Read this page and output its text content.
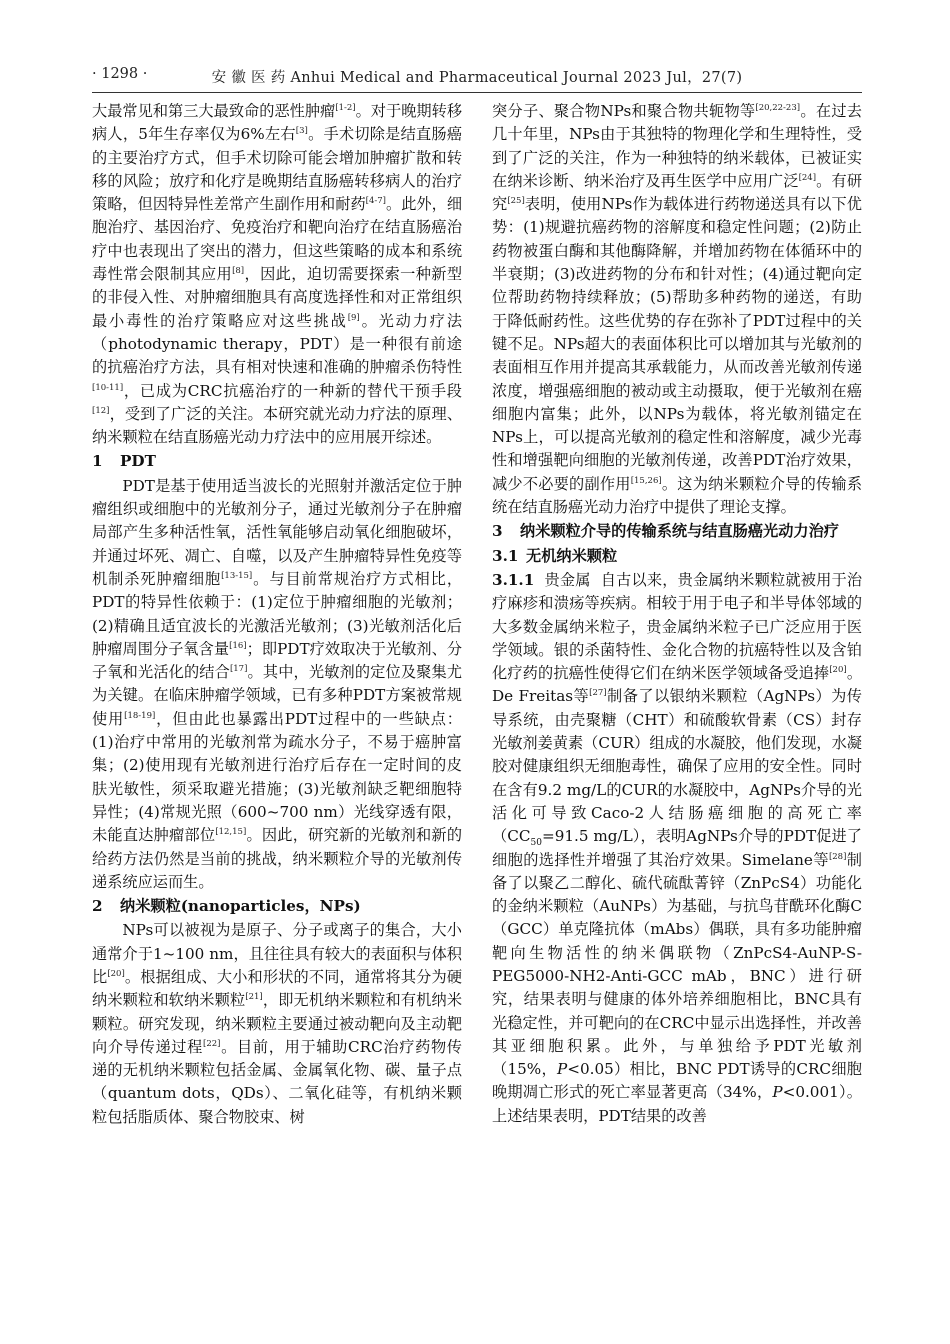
· 1298 ·	安 徽 医 药 Anhui Medical and Pharmaceutical Journal 2023 Jul，27(7)

大最常见和第三大最致命的恶性肿瘤[1-2]。对于晚期转移病人，5年生存率仅为6%左右[3]。手术切除是结直肠癌的主要治疗方式，但手术切除可能会增加肿瘤扩散和转移的风险；放疗和化疗是晚期结直肠癌转移病人的治疗策略，但因特异性差常产生副作用和耐药[4-7]。此外，细胞治疗、基因治疗、免疫治疗和靶向治疗在结直肠癌治疗中也表现出了突出的潜力，但这些策略的成本和系统毒性常会限制其应用[8]，因此，迫切需要探索一种新型的非侵入性、对肿瘤细胞具有高度选择性和对正常组织最小毒性的治疗策略应对这些挑战[9]。光动力疗法（photodynamic therapy，PDT）是一种很有前途的抗癌治疗方法，具有相对快速和准确的肿瘤杀伤特性[10-11]，已成为CRC抗癌治疗的一种新的替代干预手段[12]，受到了广泛的关注。本研究就光动力疗法的原理、纳米颗粒在结直肠癌光动力疗法中的应用展开综述。

1 PDT

PDT是基于使用适当波长的光照射并激活定位于肿瘤组织或细胞中的光敏剂分子，通过光敏剂分子在肿瘤局部产生多种活性氧，活性氧能够启动氧化细胞破坏，并通过坏死、凋亡、自噬，以及产生肿瘤特异性免疫等机制杀死肿瘤细胞[13-15]。与目前常规治疗方式相比，PDT的特异性依赖于：(1)定位于肿瘤细胞的光敏剂；(2)精确且适宜波长的光激活光敏剂；(3)光敏剂活化后肿瘤周围分子氧含量[16]；即PDT疗效取决于光敏剂、分子氧和光活化的结合[17]。其中，光敏剂的定位及聚集尤为关键。在临床肿瘤学领域，已有多种PDT方案被常规使用[18-19]，但由此也暴露出PDT过程中的一些缺点：(1)治疗中常用的光敏剂常为疏水分子，不易于癌肿富集；(2)使用现有光敏剂进行治疗后存在一定时间的皮肤光敏性，须采取避光措施；(3)光敏剂缺乏靶细胞特异性；(4)常规光照（600~700 nm）光线穿透有限，未能直达肿瘤部位[12,15]。因此，研究新的光敏剂和新的给药方法仍然是当前的挑战，纳米颗粒介导的光敏剂传递系统应运而生。

2 纳米颗粒(nanoparticles，NPs)

NPs可以被视为是原子、分子或离子的集合，大小通常介于1~100 nm，且往往具有较大的表面积与体积比[20]。根据组成、大小和形状的不同，通常将其分为硬纳米颗粒和软纳米颗粒[21]，即无机纳米颗粒和有机纳米颗粒。研究发现，纳米颗粒主要通过被动靶向及主动靶向介导传递过程[22]。目前，用于辅助CRC治疗药物传递的无机纳米颗粒包括金属、金属氧化物、碳、量子点（quantum dots，QDs）、二氧化硅等，有机纳米颗粒包括脂质体、聚合物胶束、树

突分子、聚合物NPs和聚合物共轭物等[20,22-23]。在过去几十年里，NPs由于其独特的物理化学和生理特性，受到了广泛的关注，作为一种独特的纳米载体，已被证实在纳米诊断、纳米治疗及再生医学中应用广泛[24]。有研究[25]表明，使用NPs作为载体进行药物递送具有以下优势：(1)规避抗癌药物的溶解度和稳定性问题；(2)防止药物被蛋白酶和其他酶降解，并增加药物在体循环中的半衰期；(3)改进药物的分布和针对性；(4)通过靶向定位帮助药物持续释放；(5)帮助多种药物的递送，有助于降低耐药性。这些优势的存在弥补了PDT过程中的关键不足。NPs超大的表面体积比可以增加其与光敏剂的表面相互作用并提高其承载能力，从而改善光敏剂传递浓度，增强癌细胞的被动或主动摄取，便于光敏剂在癌细胞内富集；此外，以NPs为载体，将光敏剂锚定在NPs上，可以提高光敏剂的稳定性和溶解度，减少光毒性和增强靶向细胞的光敏剂传递，改善PDT治疗效果，减少不必要的副作用[15,26]。这为纳米颗粒介导的传输系统在结直肠癌光动力治疗中提供了理论支撑。

3 纳米颗粒介导的传输系统与结直肠癌光动力治疗
3.1 无机纳米颗粒

3.1.1 贵金属 自古以来，贵金属纳米颗粒就被用于治疗麻疹和溃疡等疾病。相较于用于电子和半导体邻域的大多数金属纳米粒子，贵金属纳米粒子已广泛应用于医学领域。银的杀菌特性、金化合物的抗癌特性以及含铂化疗药的抗癌性使得它们在纳米医学领域备受追捧[20]。De Freitas等[27]制备了以银纳米颗粒（AgNPs）为传导系统，由壳聚糖（CHT）和硫酸软骨素（CS）封存光敏剂姜黄素（CUR）组成的水凝胶，他们发现，水凝胶对健康组织无细胞毒性，确保了应用的安全性。同时在含有9.2 mg/L的CUR的水凝胶中，AgNPs介导的光活化可导致Caco-2人结肠癌细胞的高死亡率（$CC_{50}=91.5$ mg/L），表明AgNPs介导的PDT促进了细胞的选择性并增强了其治疗效果。Simelane等[28]制备了以聚乙二醇化、硫代硫酞菁锌（ZnPcS4）功能化的金纳米颗粒（AuNPs）为基础，与抗鸟苷酰环化酶C（GCC）单克隆抗体（mAbs）偶联，具有多功能肿瘤靶向生物活性的纳米偶联物（ZnPcS4-AuNP-S-PEG5000-NH2-Anti-GCC mAb，BNC）进行研究，结果表明与健康的体外培养细胞相比，BNC具有光稳定性，并可靶向的在CRC中显示出选择性，并改善其亚细胞积累。此外，与单独给予PDT光敏剂（15%，P<0.05）相比，BNC PDT诱导的CRC细胞晚期凋亡形式的死亡率显著更高（34%，P<0.001）。上述结果表明，PDT结果的改善
